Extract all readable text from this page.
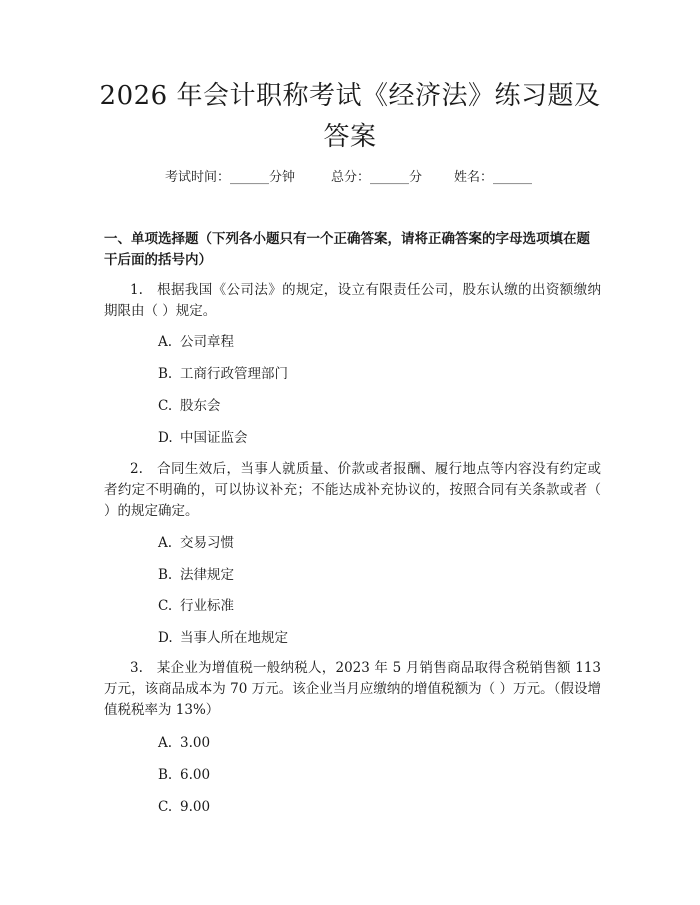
2026 年会计职称考试《经济法》练习题及答案
考试时间：______分钟	总分：______分 姓名：______
一、单项选择题（下列各小题只有一个正确答案，请将正确答案的字母选项填在题干后面的括号内）
1.　根据我国《公司法》的规定，设立有限责任公司，股东认缴的出资额缴纳期限由（ ）规定。
A. 公司章程
B. 工商行政管理部门
C. 股东会
D. 中国证监会
2.　合同生效后，当事人就质量、价款或者报酬、履行地点等内容没有约定或者约定不明确的，可以协议补充；不能达成补充协议的，按照合同有关条款或者（ ）的规定确定。
A. 交易习惯
B. 法律规定
C. 行业标准
D. 当事人所在地规定
3.　某企业为增值税一般纳税人，2023 年 5 月销售商品取得含税销售额 113 万元，该商品成本为 70 万元。该企业当月应缴纳的增值税额为（ ）万元。（假设增值税税率为 13%）
A. 3.00
B. 6.00
C. 9.00
